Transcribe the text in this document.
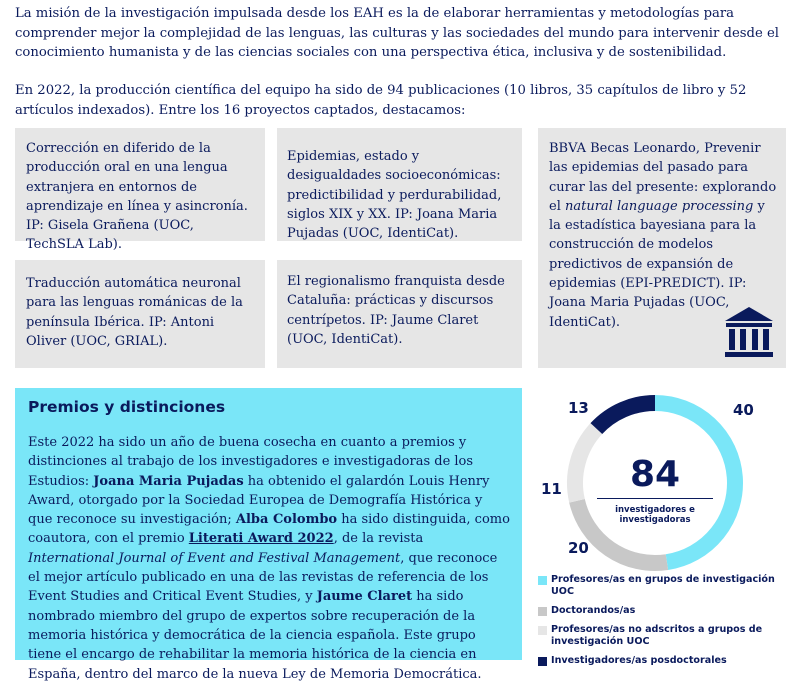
La misión de la investigación impulsada desde los EAH es la de elaborar herramientas y metodologías para comprender mejor la complejidad de las lenguas, las culturas y las sociedades del mundo para intervenir desde el conocimiento humanista y de las ciencias sociales con una perspectiva ética, inclusiva y de sostenibilidad.

En 2022, la producción científica del equipo ha sido de 94 publicaciones (10 libros, 35 capítulos de libro y 52 artículos indexados). Entre los 16 proyectos captados, destacamos:

Corrección en diferido de la producción oral en una lengua extranjera en entornos de aprendizaje en línea y asincronía. IP: Gisela Grañena (UOC, TechSLA Lab).

Epidemias, estado y desigualdades socioeconómicas: predictibilidad y perdurabilidad, siglos XIX y XX. IP: Joana Maria Pujadas (UOC, IdentiCat).

BBVA Becas Leonardo, Prevenir las epidemias del pasado para curar las del presente: explorando el natural language processing y la estadística bayesiana para la construcción de modelos predictivos de expansión de epidemias (EPI-PREDICT). IP: Joana Maria Pujadas (UOC, IdentiCat).

Traducción automática neuronal para las lenguas románicas de la península Ibérica. IP: Antoni Oliver (UOC, GRIAL).

El regionalismo franquista desde Cataluña: prácticas y discursos centrípetos. IP: Jaume Claret (UOC, IdentiCat).

Premios y distinciones

Este 2022 ha sido un año de buena cosecha en cuanto a premios y distinciones al trabajo de los investigadores e investigadoras de los Estudios: Joana Maria Pujadas ha obtenido el galardón Louis Henry Award, otorgado por la Sociedad Europea de Demografía Histórica y que reconoce su investigación; Alba Colombo ha sido distinguida, como coautora, con el premio Literati Award 2022, de la revista International Journal of Event and Festival Management, que reconoce el mejor artículo publicado en una de las revistas de referencia de los Event Studies and Critical Event Studies, y Jaume Claret ha sido nombrado miembro del grupo de expertos sobre recuperación de la memoria histórica y democrática de la ciencia española. Este grupo tiene el encargo de rehabilitar la memoria histórica de la ciencia en España, dentro del marco de la nueva Ley de Memoria Democrática.

40
20
13
11	84
investigadores e investigadoras
Profesores/as en grupos de investigación UOC
Doctorandos/as
Profesores/as no adscritos a grupos de investigación UOC
Investigadores/as posdoctorales
